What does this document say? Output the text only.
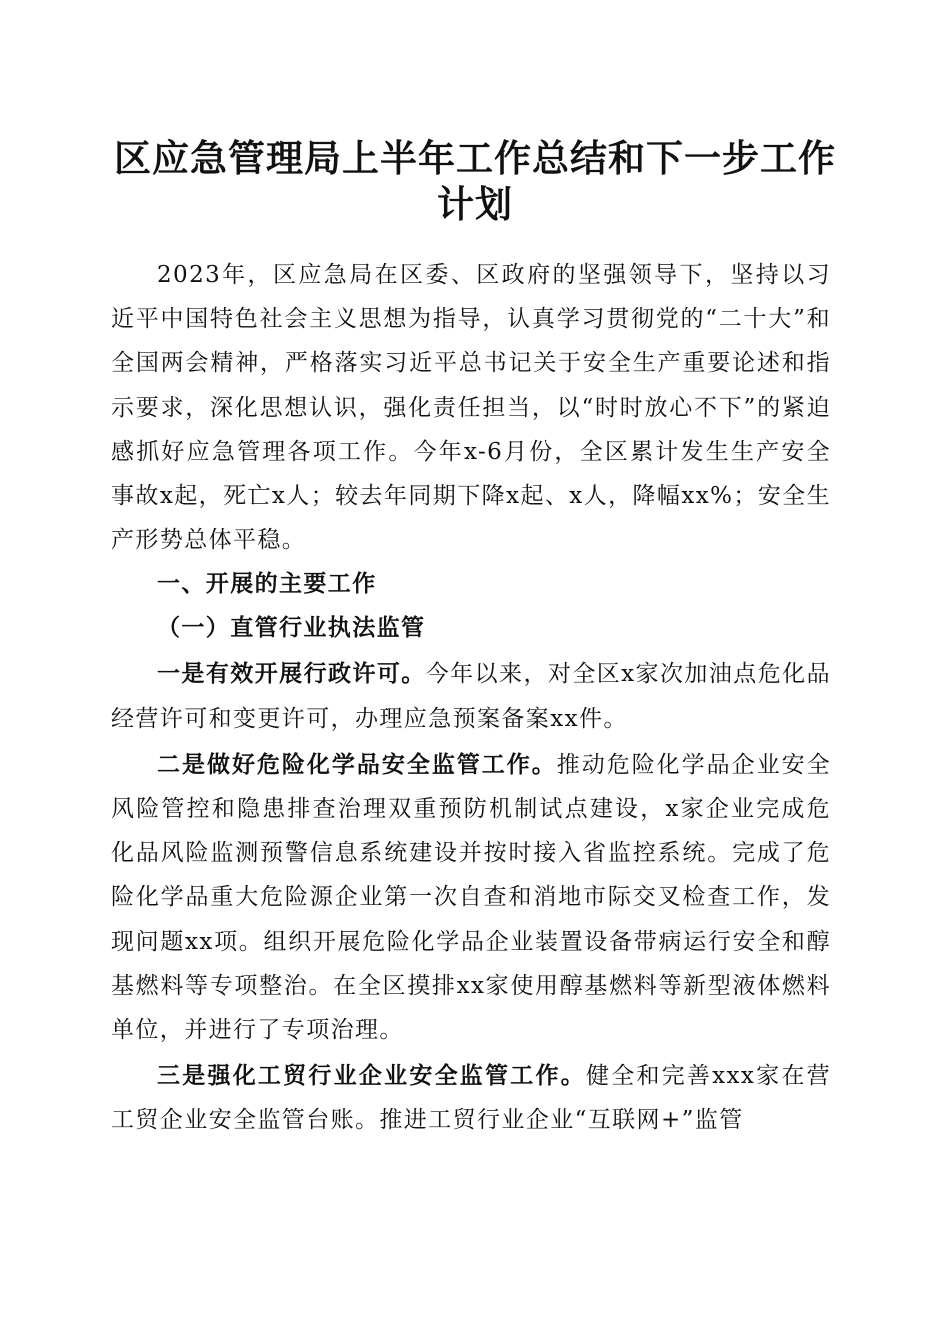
区应急管理局上半年工作总结和下一步工作计划

2023年，区应急局在区委、区政府的坚强领导下，坚持以习近平中国特色社会主义思想为指导，认真学习贯彻党的“二十大”和全国两会精神，严格落实习近平总书记关于安全生产重要论述和指示要求，深化思想认识，强化责任担当，以“时时放心不下”的紧迫感抓好应急管理各项工作。今年x-6月份，全区累计发生生产安全事故x起，死亡x人；较去年同期下降x起、x人，降幅xx%；安全生产形势总体平稳。

一、开展的主要工作

（一）直管行业执法监管

一是有效开展行政许可。今年以来，对全区x家次加油点危化品经营许可和变更许可，办理应急预案备案xx件。

二是做好危险化学品安全监管工作。推动危险化学品企业安全风险管控和隐患排查治理双重预防机制试点建设，x家企业完成危化品风险监测预警信息系统建设并按时接入省监控系统。完成了危险化学品重大危险源企业第一次自查和消地市际交叉检查工作，发现问题xx项。组织开展危险化学品企业装置设备带病运行安全和醇基燃料等专项整治。在全区摸排xx家使用醇基燃料等新型液体燃料单位，并进行了专项治理。

三是强化工贸行业企业安全监管工作。健全和完善xxx家在营工贸企业安全监管台账。推进工贸行业企业“互联网+”监管
